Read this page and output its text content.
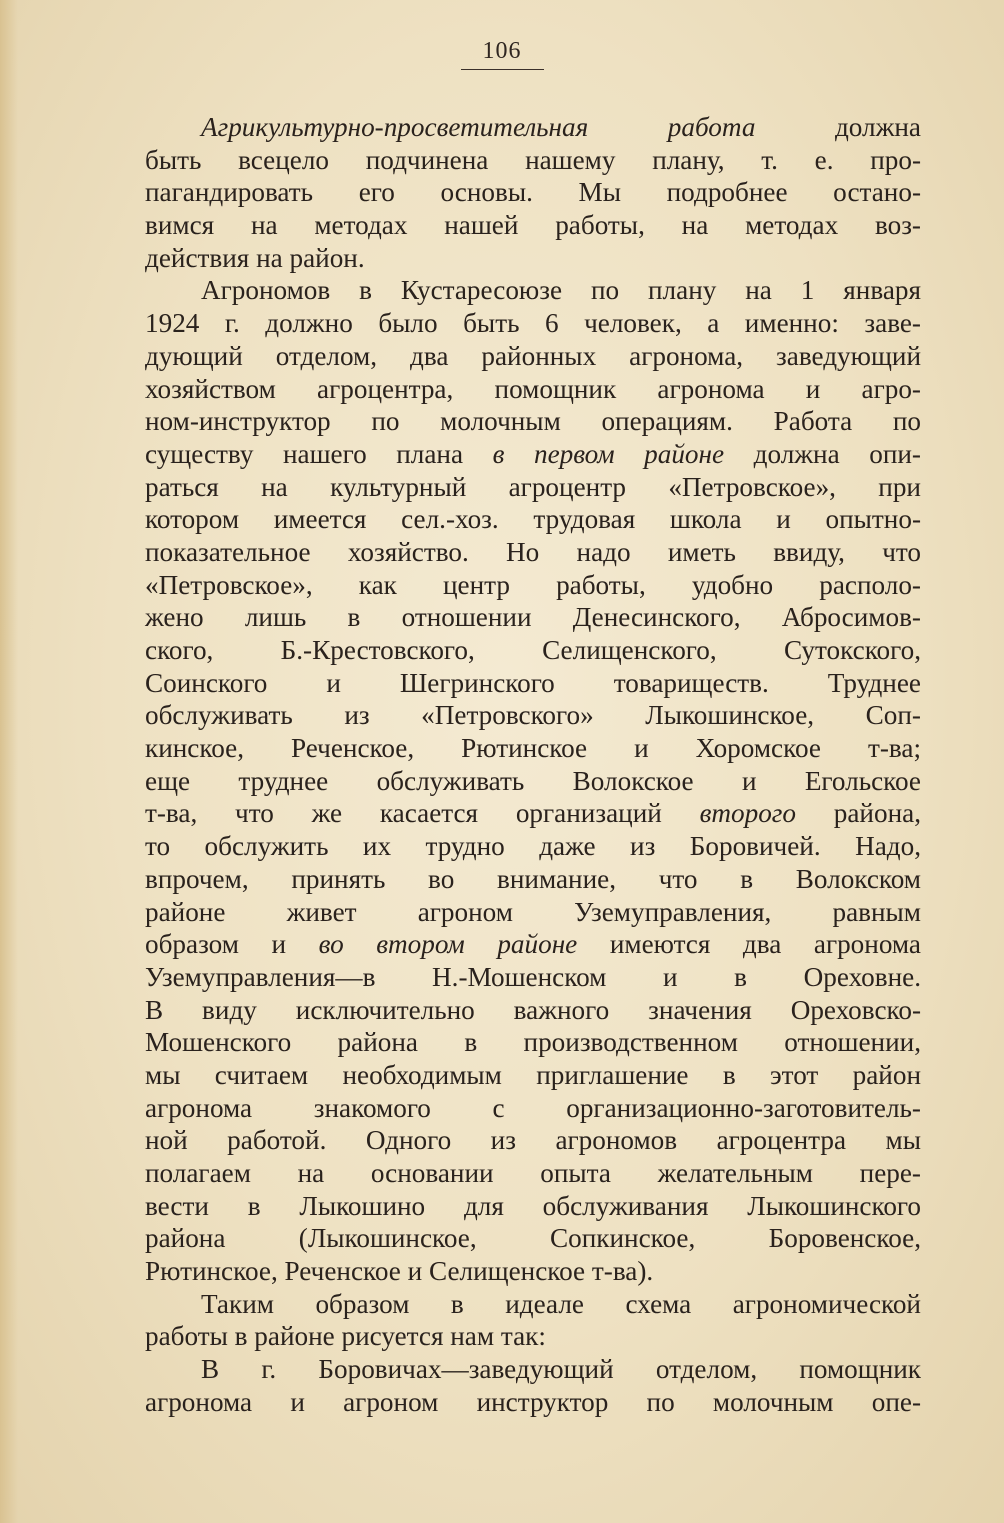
106
Агрикультурно-просветительная работа должна
быть всецело подчинена нашему плану, т. е. про-
пагандировать его основы. Мы подробнее остано-
вимся на методах нашей работы, на методах воз-
действия на район.
Агрономов в Кустаресоюзе по плану на 1 января
1924 г. должно было быть 6 человек, а именно: заве-
дующий отделом, два районных агронома, заведующий
хозяйством агроцентра, помощник агронома и агро-
ном-инструктор по молочным операциям. Работа по
существу нашего плана в первом районе должна опи-
раться на культурный агроцентр «Петровское», при
котором имеется сел.-хоз. трудовая школа и опытно-
показательное хозяйство. Но надо иметь ввиду, что
«Петровское», как центр работы, удобно располо-
жено лишь в отношении Денесинского, Абросимов-
ского, Б.-Крестовского, Селищенского, Сутокского,
Соинского и Шегринского товариществ. Труднее
обслуживать из «Петровского» Лыкошинское, Соп-
кинское, Реченское, Рютинское и Хоромское т-ва;
еще труднее обслуживать Волокское и Егольское
т-ва, что же касается организаций второго района,
то обслужить их трудно даже из Боровичей. Надо,
впрочем, принять во внимание, что в Волокском
районе живет агроном Уземуправления, равным
образом и во втором районе имеются два агронома
Уземуправления—в Н.-Мошенском и в Ореховне.
В виду исключительно важного значения Ореховско-
Мошенского района в производственном отношении,
мы считаем необходимым приглашение в этот район
агронома знакомого с организационно-заготовитель-
ной работой. Одного из агрономов агроцентра мы
полагаем на основании опыта желательным пере-
вести в Лыкошино для обслуживания Лыкошинского
района (Лыкошинское, Сопкинское, Боровенское,
Рютинское, Реченское и Селищенское т-ва).
Таким образом в идеале схема агрономической
работы в районе рисуется нам так:
В г. Боровичах—заведующий отделом, помощник
агронома и агроном инструктор по молочным опе-
